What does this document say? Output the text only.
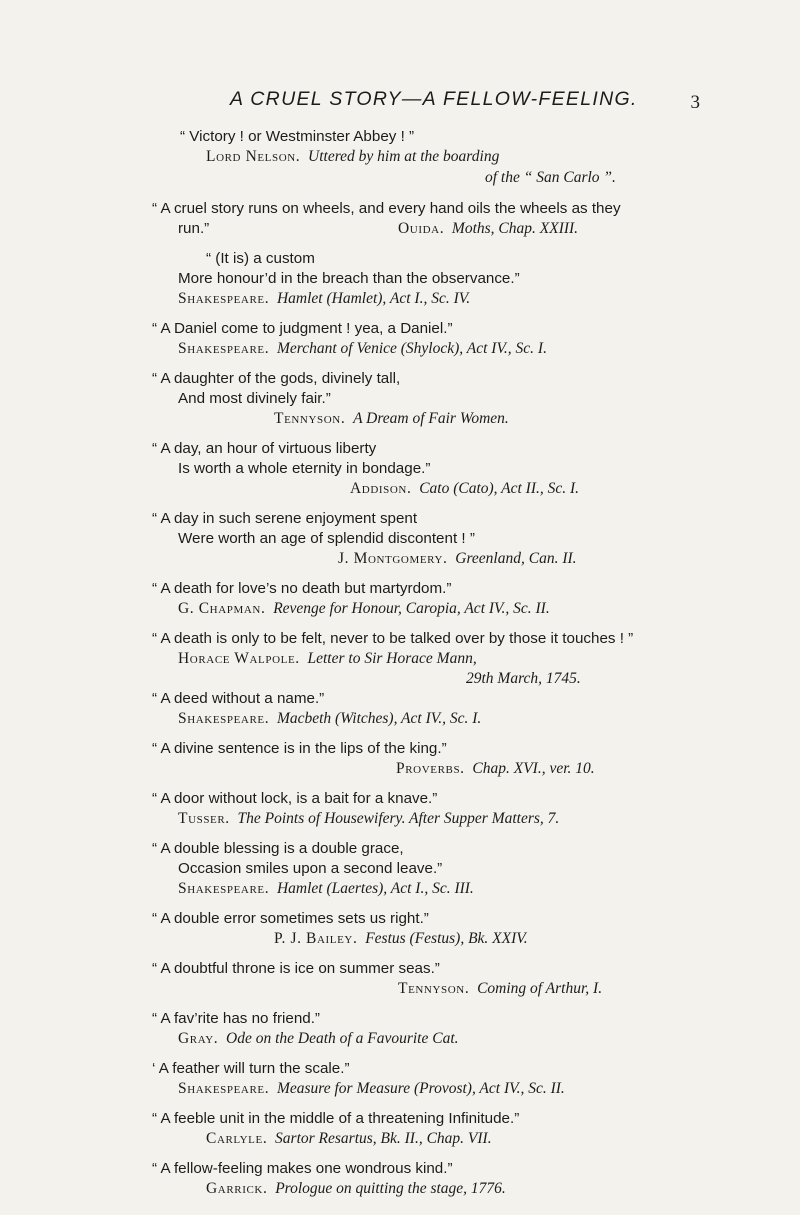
A CRUEL STORY—A FELLOW-FEELING.	3
“ Victory ! or Westminster Abbey ! ”
Lord Nelson. Uttered by him at the boarding
of the “ San Carlo ”.
“ A cruel story runs on wheels, and every hand oils the wheels as they
run.”	Ouida. Moths, Chap. XXIII.
“ (It is) a custom
More honour’d in the breach than the observance.”
Shakespeare. Hamlet (Hamlet), Act I., Sc. IV.
“ A Daniel come to judgment ! yea, a Daniel.”
Shakespeare. Merchant of Venice (Shylock), Act IV., Sc. I.
“ A daughter of the gods, divinely tall,
And most divinely fair.”
Tennyson. A Dream of Fair Women.
“ A day, an hour of virtuous liberty
Is worth a whole eternity in bondage.”
Addison. Cato (Cato), Act II., Sc. I.
“ A day in such serene enjoyment spent
Were worth an age of splendid discontent ! ”
J. Montgomery. Greenland, Can. II.
“ A death for love’s no death but martyrdom.”
G. Chapman. Revenge for Honour, Caropia, Act IV., Sc. II.
“ A death is only to be felt, never to be talked over by those it touches ! ”
Horace Walpole. Letter to Sir Horace Mann,
29th March, 1745.
“ A deed without a name.”
Shakespeare. Macbeth (Witches), Act IV., Sc. I.
“ A divine sentence is in the lips of the king.”
Proverbs. Chap. XVI., ver. 10.
“ A door without lock, is a bait for a knave.”
Tusser. The Points of Housewifery. After Supper Matters, 7.
“ A double blessing is a double grace,
Occasion smiles upon a second leave.”
Shakespeare. Hamlet (Laertes), Act I., Sc. III.
“ A double error sometimes sets us right.”
P. J. Bailey. Festus (Festus), Bk. XXIV.
“ A doubtful throne is ice on summer seas.”
Tennyson. Coming of Arthur, I.
“ A fav’rite has no friend.”
Gray. Ode on the Death of a Favourite Cat.
‘ A feather will turn the scale.”
Shakespeare. Measure for Measure (Provost), Act IV., Sc. II.
“ A feeble unit in the middle of a threatening Infinitude.”
Carlyle. Sartor Resartus, Bk. II., Chap. VII.
“ A fellow-feeling makes one wondrous kind.”
Garrick. Prologue on quitting the stage, 1776.
